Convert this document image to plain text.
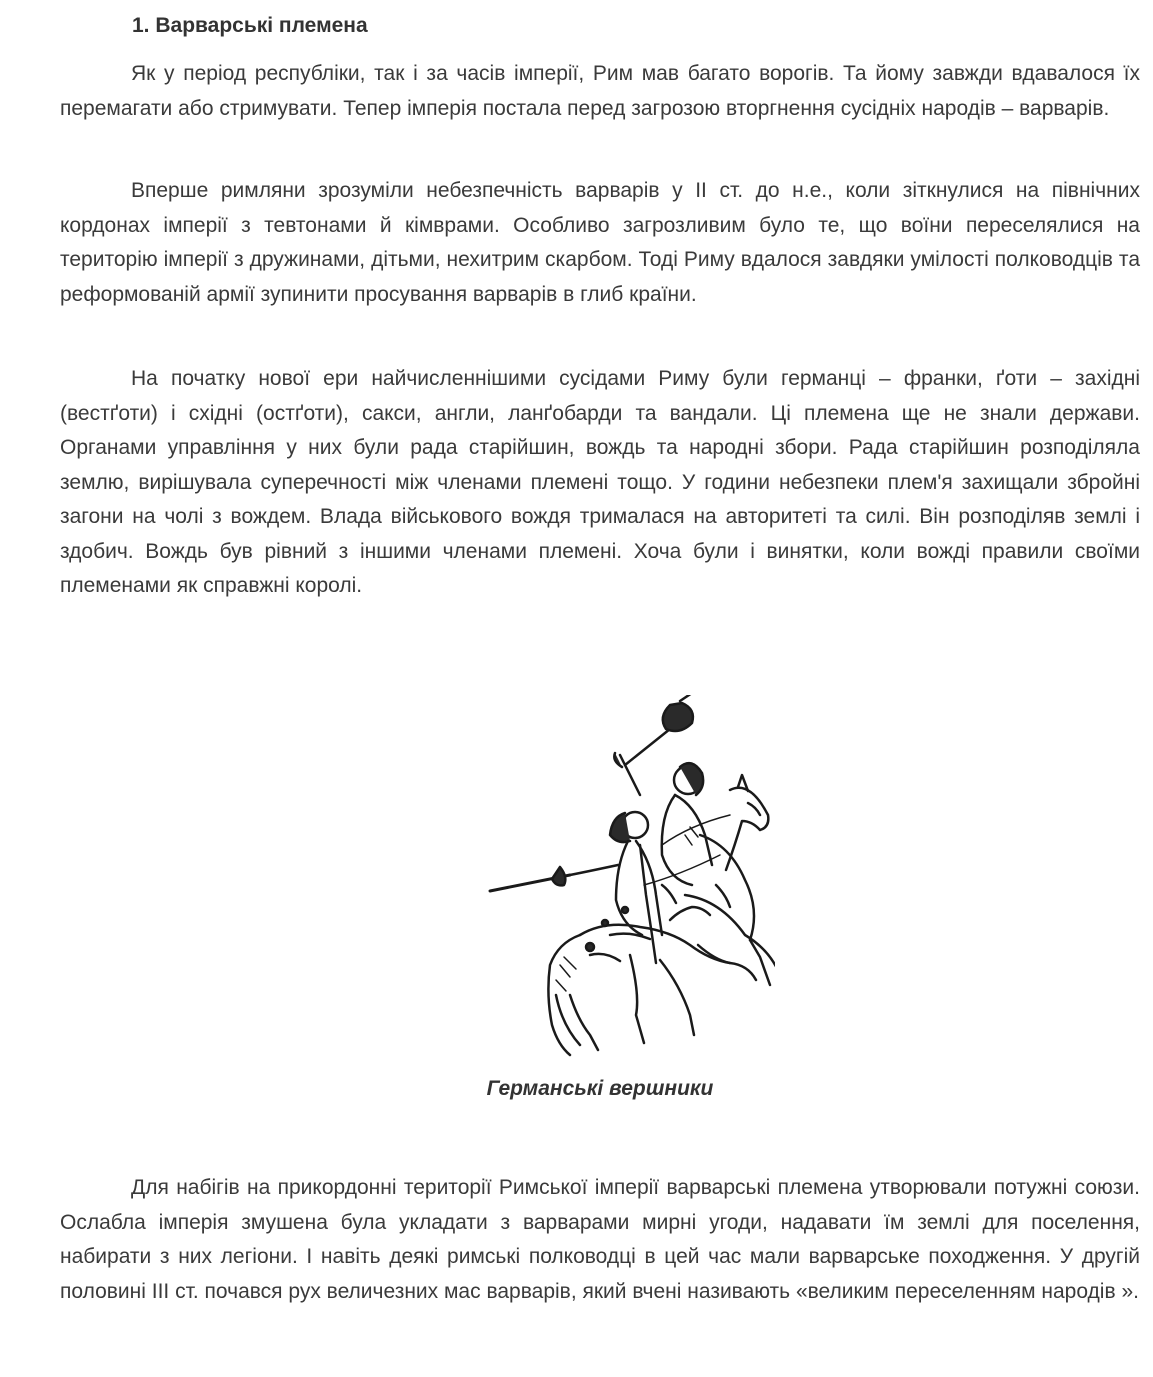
1. Варварські племена

Як у період республіки, так і за часів імперії, Рим мав багато ворогів. Та йому завжди вдавалося їх перемагати або стримувати. Тепер імперія постала перед загрозою вторгнення сусідніх народів – варварів.

Вперше римляни зрозуміли небезпечність варварів у ІІ ст. до н.е., коли зіткнулися на північних кордонах імперії з тевтонами й кімврами. Особливо загрозливим було те, що воїни переселялися на територію імперії з дружинами, дітьми, нехитрим скарбом. Тоді Риму вдалося завдяки умілості полководців та реформованій армії зупинити просування варварів в глиб країни.

На початку нової ери найчисленнішими сусідами Риму були германці – франки, ґоти – західні (вестґоти) і східні (остґоти), сакси, англи, ланґобарди та вандали. Ці племена ще не знали держави. Органами управління у них були рада старійшин, вождь та народні збори. Рада старійшин розподіляла землю, вирішувала суперечності між членами племені тощо. У години небезпеки плем'я захищали збройні загони на чолі з вождем. Влада військового вождя трималася на авторитеті та силі. Він розподіляв землі і здобич. Вождь був рівний з іншими членами племені. Хоча були і винятки, коли вожді правили своїми племенами як справжні королі.

Германські вершники

Для набігів на прикордонні території Римської імперії варварські племена утворювали потужні союзи. Ослабла імперія змушена була укладати з варварами мирні угоди, надавати їм землі для поселення, набирати з них легіони. І навіть деякі римські полководці в цей час мали варварське походження. У другій половині ІІІ ст. почався рух величезних мас варварів, який вчені називають «великим переселенням народів ».
